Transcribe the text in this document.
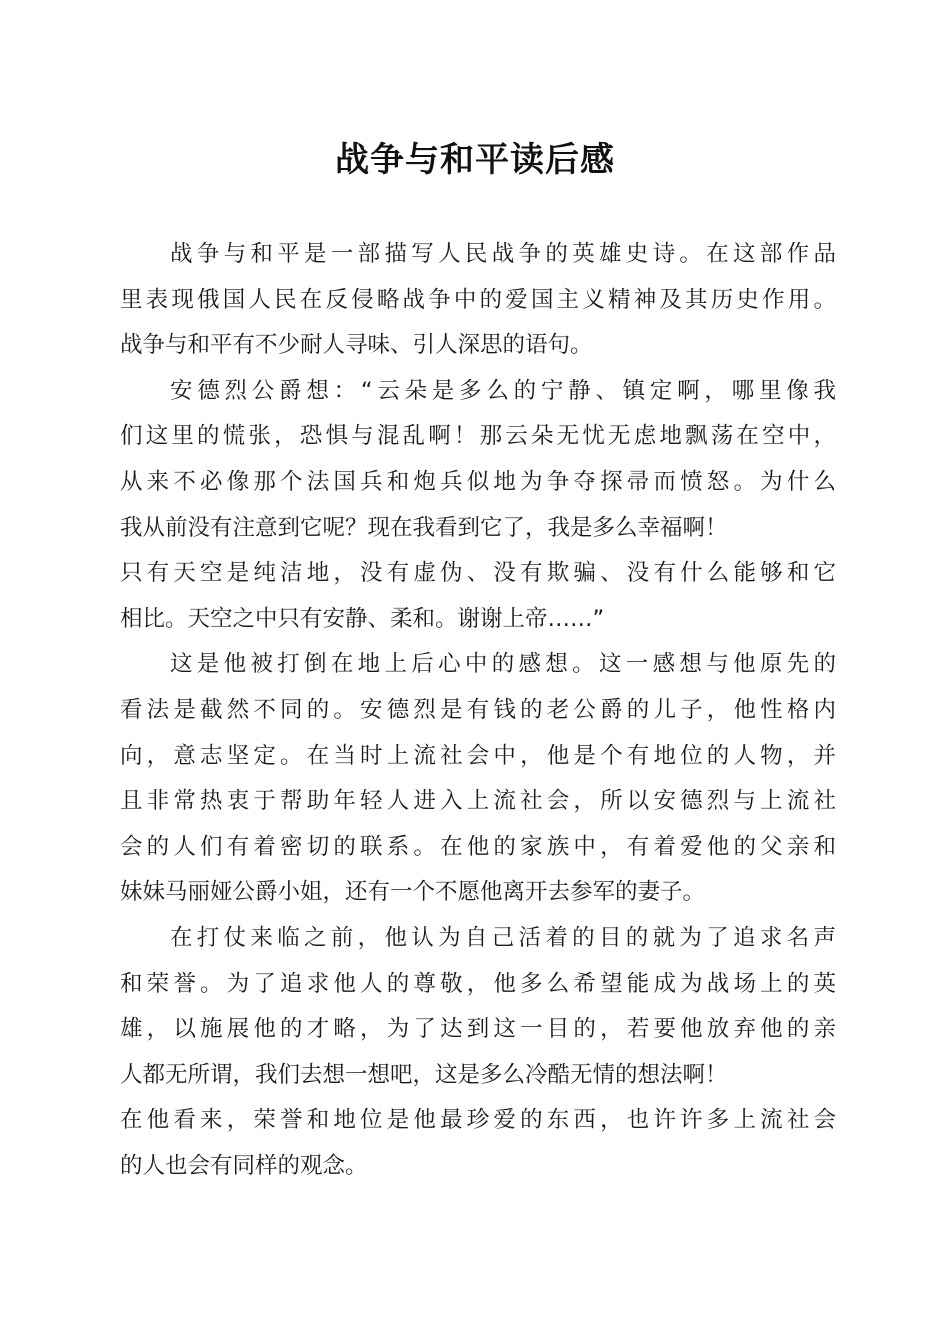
战争与和平读后感
战争与和平是一部描写人民战争的英雄史诗。在这部作品
里表现俄国人民在反侵略战争中的爱国主义精神及其历史作用。
战争与和平有不少耐人寻味、引人深思的语句。
安德烈公爵想：“云朵是多么的宁静、镇定啊，哪里像我
们这里的慌张，恐惧与混乱啊！那云朵无忧无虑地飘荡在空中，
从来不必像那个法国兵和炮兵似地为争夺探帚而愤怒。为什么
我从前没有注意到它呢？现在我看到它了，我是多么幸福啊！
只有天空是纯洁地，没有虚伪、没有欺骗、没有什么能够和它
相比。天空之中只有安静、柔和。谢谢上帝……”
这是他被打倒在地上后心中的感想。这一感想与他原先的
看法是截然不同的。安德烈是有钱的老公爵的儿子，他性格内
向，意志坚定。在当时上流社会中，他是个有地位的人物，并
且非常热衷于帮助年轻人进入上流社会，所以安德烈与上流社
会的人们有着密切的联系。在他的家族中，有着爱他的父亲和
妹妹马丽娅公爵小姐，还有一个不愿他离开去参军的妻子。
在打仗来临之前，他认为自己活着的目的就为了追求名声
和荣誉。为了追求他人的尊敬，他多么希望能成为战场上的英
雄，以施展他的才略，为了达到这一目的，若要他放弃他的亲
人都无所谓，我们去想一想吧，这是多么冷酷无情的想法啊！
在他看来，荣誉和地位是他最珍爱的东西，也许许多上流社会
的人也会有同样的观念。
